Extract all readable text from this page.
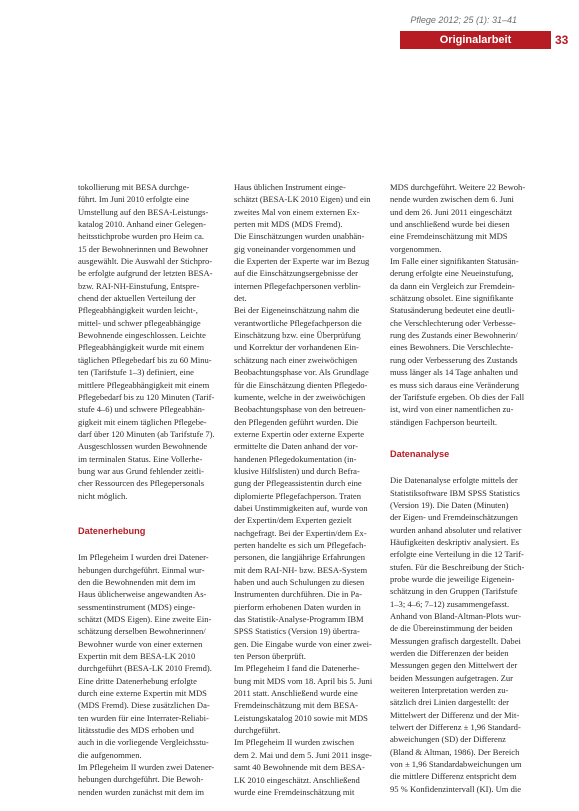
Pflege 2012; 25 (1): 31–41
Originalarbeit	33

tokollierung mit BESA durchge-
führt. Im Juni 2010 erfolgte eine
Umstellung auf den BESA-Leistungs-
katalog 2010. Anhand einer Gelegen-
heitsstichprobe wurden pro Heim ca.
15 der Bewohnerinnen und Bewohner
ausgewählt. Die Auswahl der Stichpro-
be erfolgte aufgrund der letzten BESA-
bzw. RAI-NH-Einstufung, Entspre-
chend der aktuellen Verteilung der
Pflegeabhängigkeit wurden leicht-,
mittel- und schwer pflegeabhängige
Bewohnende eingeschlossen. Leichte
Pflegeabhängigkeit wurde mit einem
täglichen Pflegebedarf bis zu 60 Minu-
ten (Tarifstufe 1–3) definiert, eine
mittlere Pflegeabhängigkeit mit einem
Pflegebedarf bis zu 120 Minuten (Tarif-
stufe 4–6) und schwere Pflegeabhän-
gigkeit mit einem täglichen Pflegebe-
darf über 120 Minuten (ab Tarifstufe 7).
Ausgeschlossen wurden Bewohnende
im terminalen Status. Eine Vollerhe-
bung war aus Grund fehlender zeitli-
cher Ressourcen des Pflegepersonals
nicht möglich.

Datenerhebung

Im Pflegeheim I wurden drei Datener-
hebungen durchgeführt. Einmal wur-
den die Bewohnenden mit dem im
Haus üblicherweise angewandten As-
sessmentinstrument (MDS) einge-
schätzt (MDS Eigen). Eine zweite Ein-
schätzung derselben Bewohnerinnen/
Bewohner wurde von einer externen
Expertin mit dem BESA-LK 2010
durchgeführt (BESA-LK 2010 Fremd).
Eine dritte Datenerhebung erfolgte
durch eine externe Expertin mit MDS
(MDS Fremd). Diese zusätzlichen Da-
ten wurden für eine Interrater-Reliabi-
litätsstudie des MDS erhoben und
auch in die vorliegende Vergleichsstu-
die aufgenommen.

Im Pflegeheim II wurden zwei Datener-
hebungen durchgeführt. Die Bewoh-
nenden wurden zunächst mit dem im

Haus üblichen Instrument einge-
schätzt (BESA-LK 2010 Eigen) und ein
zweites Mal von einem externen Ex-
perten mit MDS (MDS Fremd).

Die Einschätzungen wurden unabhän-
gig voneinander vorgenommen und
die Experten der Experte war im Bezug
auf die Einschätzungsergebnisse der
internen Pflegefachpersonen verblin-
det.

Bei der Eigeneinschätzung nahm die
verantwortliche Pflegefachperson die
Einschätzung bzw. eine Überprüfung
und Korrektur der vorhandenen Ein-
schätzung nach einer zweiwöchigen
Beobachtungsphase vor. Als Grundlage
für die Einschätzung dienten Pflegedo-
kumente, welche in der zweiwöchigen
Beobachtungsphase von den betreuen-
den Pflegenden geführt wurden. Die
externe Expertin oder externe Experte
ermittelte die Daten anhand der vor-
handenen Pflegedokumentation (in-
klusive Hilfslisten) und durch Befra-
gung der Pflegeassistentin durch eine
diplomierte Pflegefachperson. Traten
dabei Unstimmigkeiten auf, wurde von
der Expertin/dem Experten gezielt
nachgefragt. Bei der Expertin/dem Ex-
perten handelte es sich um Pflegefach-
personen, die langjährige Erfahrungen
mit dem RAI-NH- bzw. BESA-System
haben und auch Schulungen zu diesen
Instrumenten durchführen. Die in Pa-
pierform erhobenen Daten wurden in
das Statistik-Analyse-Programm IBM
SPSS Statistics (Version 19) übertra-
gen. Die Eingabe wurde von einer zwei-
ten Person überprüft.

Im Pflegeheim I fand die Datenerhe-
bung mit MDS vom 18. April bis 5. Juni
2011 statt. Anschließend wurde eine
Fremdeinschätzung mit dem BESA-
Leistungskatalog 2010 sowie mit MDS
durchgeführt.

Im Pflegeheim II wurden zwischen
dem 2. Mai und dem 5. Juni 2011 insge-
samt 40 Bewohnende mit dem BESA-
LK 2010 eingeschätzt. Anschließend
wurde eine Fremdeinschätzung mit

MDS durchgeführt. Weitere 22 Bewoh-
nende wurden zwischen dem 6. Juni
und dem 26. Juni 2011 eingeschätzt
und anschließend wurde bei diesen
eine Fremdeinschätzung mit MDS
vorgenommen.

Im Falle einer signifikanten Statusän-
derung erfolgte eine Neueinstufung,
da dann ein Vergleich zur Fremdein-
schätzung obsolet. Eine signifikante
Statusänderung bedeutet eine deutli-
che Verschlechterung oder Verbesse-
rung des Zustands einer Bewohnerin/
eines Bewohners. Die Verschlechte-
rung oder Verbesserung des Zustands
muss länger als 14 Tage anhalten und
es muss sich daraus eine Veränderung
der Tarifstufe ergeben. Ob dies der Fall
ist, wird von einer namentlichen zu-
ständigen Fachperson beurteilt.

Datenanalyse

Die Datenanalyse erfolgte mittels der
Statistiksoftware IBM SPSS Statistics
(Version 19). Die Daten (Minuten)
der Eigen- und Fremdeinschätzungen
wurden anhand absoluter und relativer
Häufigkeiten deskriptiv analysiert. Es
erfolgte eine Verteilung in die 12 Tarif-
stufen. Für die Beschreibung der Stich-
probe wurde die jeweilige Eigenein-
schätzung in den Gruppen (Tarifstufe
1–3; 4–6; 7–12) zusammengefasst.
Anhand von Bland-Altman-Plots wur-
de die Übereinstimmung der beiden
Messungen grafisch dargestellt. Dabei
werden die Differenzen der beiden
Messungen gegen den Mittelwert der
beiden Messungen aufgetragen. Zur
weiteren Interpretation werden zu-
sätzlich drei Linien dargestellt: der
Mittelwert der Differenz und der Mit-
telwert der Differenz ± 1,96 Standard-
abweichungen (SD) der Differenz
(Bland & Altman, 1986). Der Bereich
von ± 1,96 Standardabweichungen um
die mittlere Differenz entspricht dem
95 % Konfidenzintervall (KI). Um die
